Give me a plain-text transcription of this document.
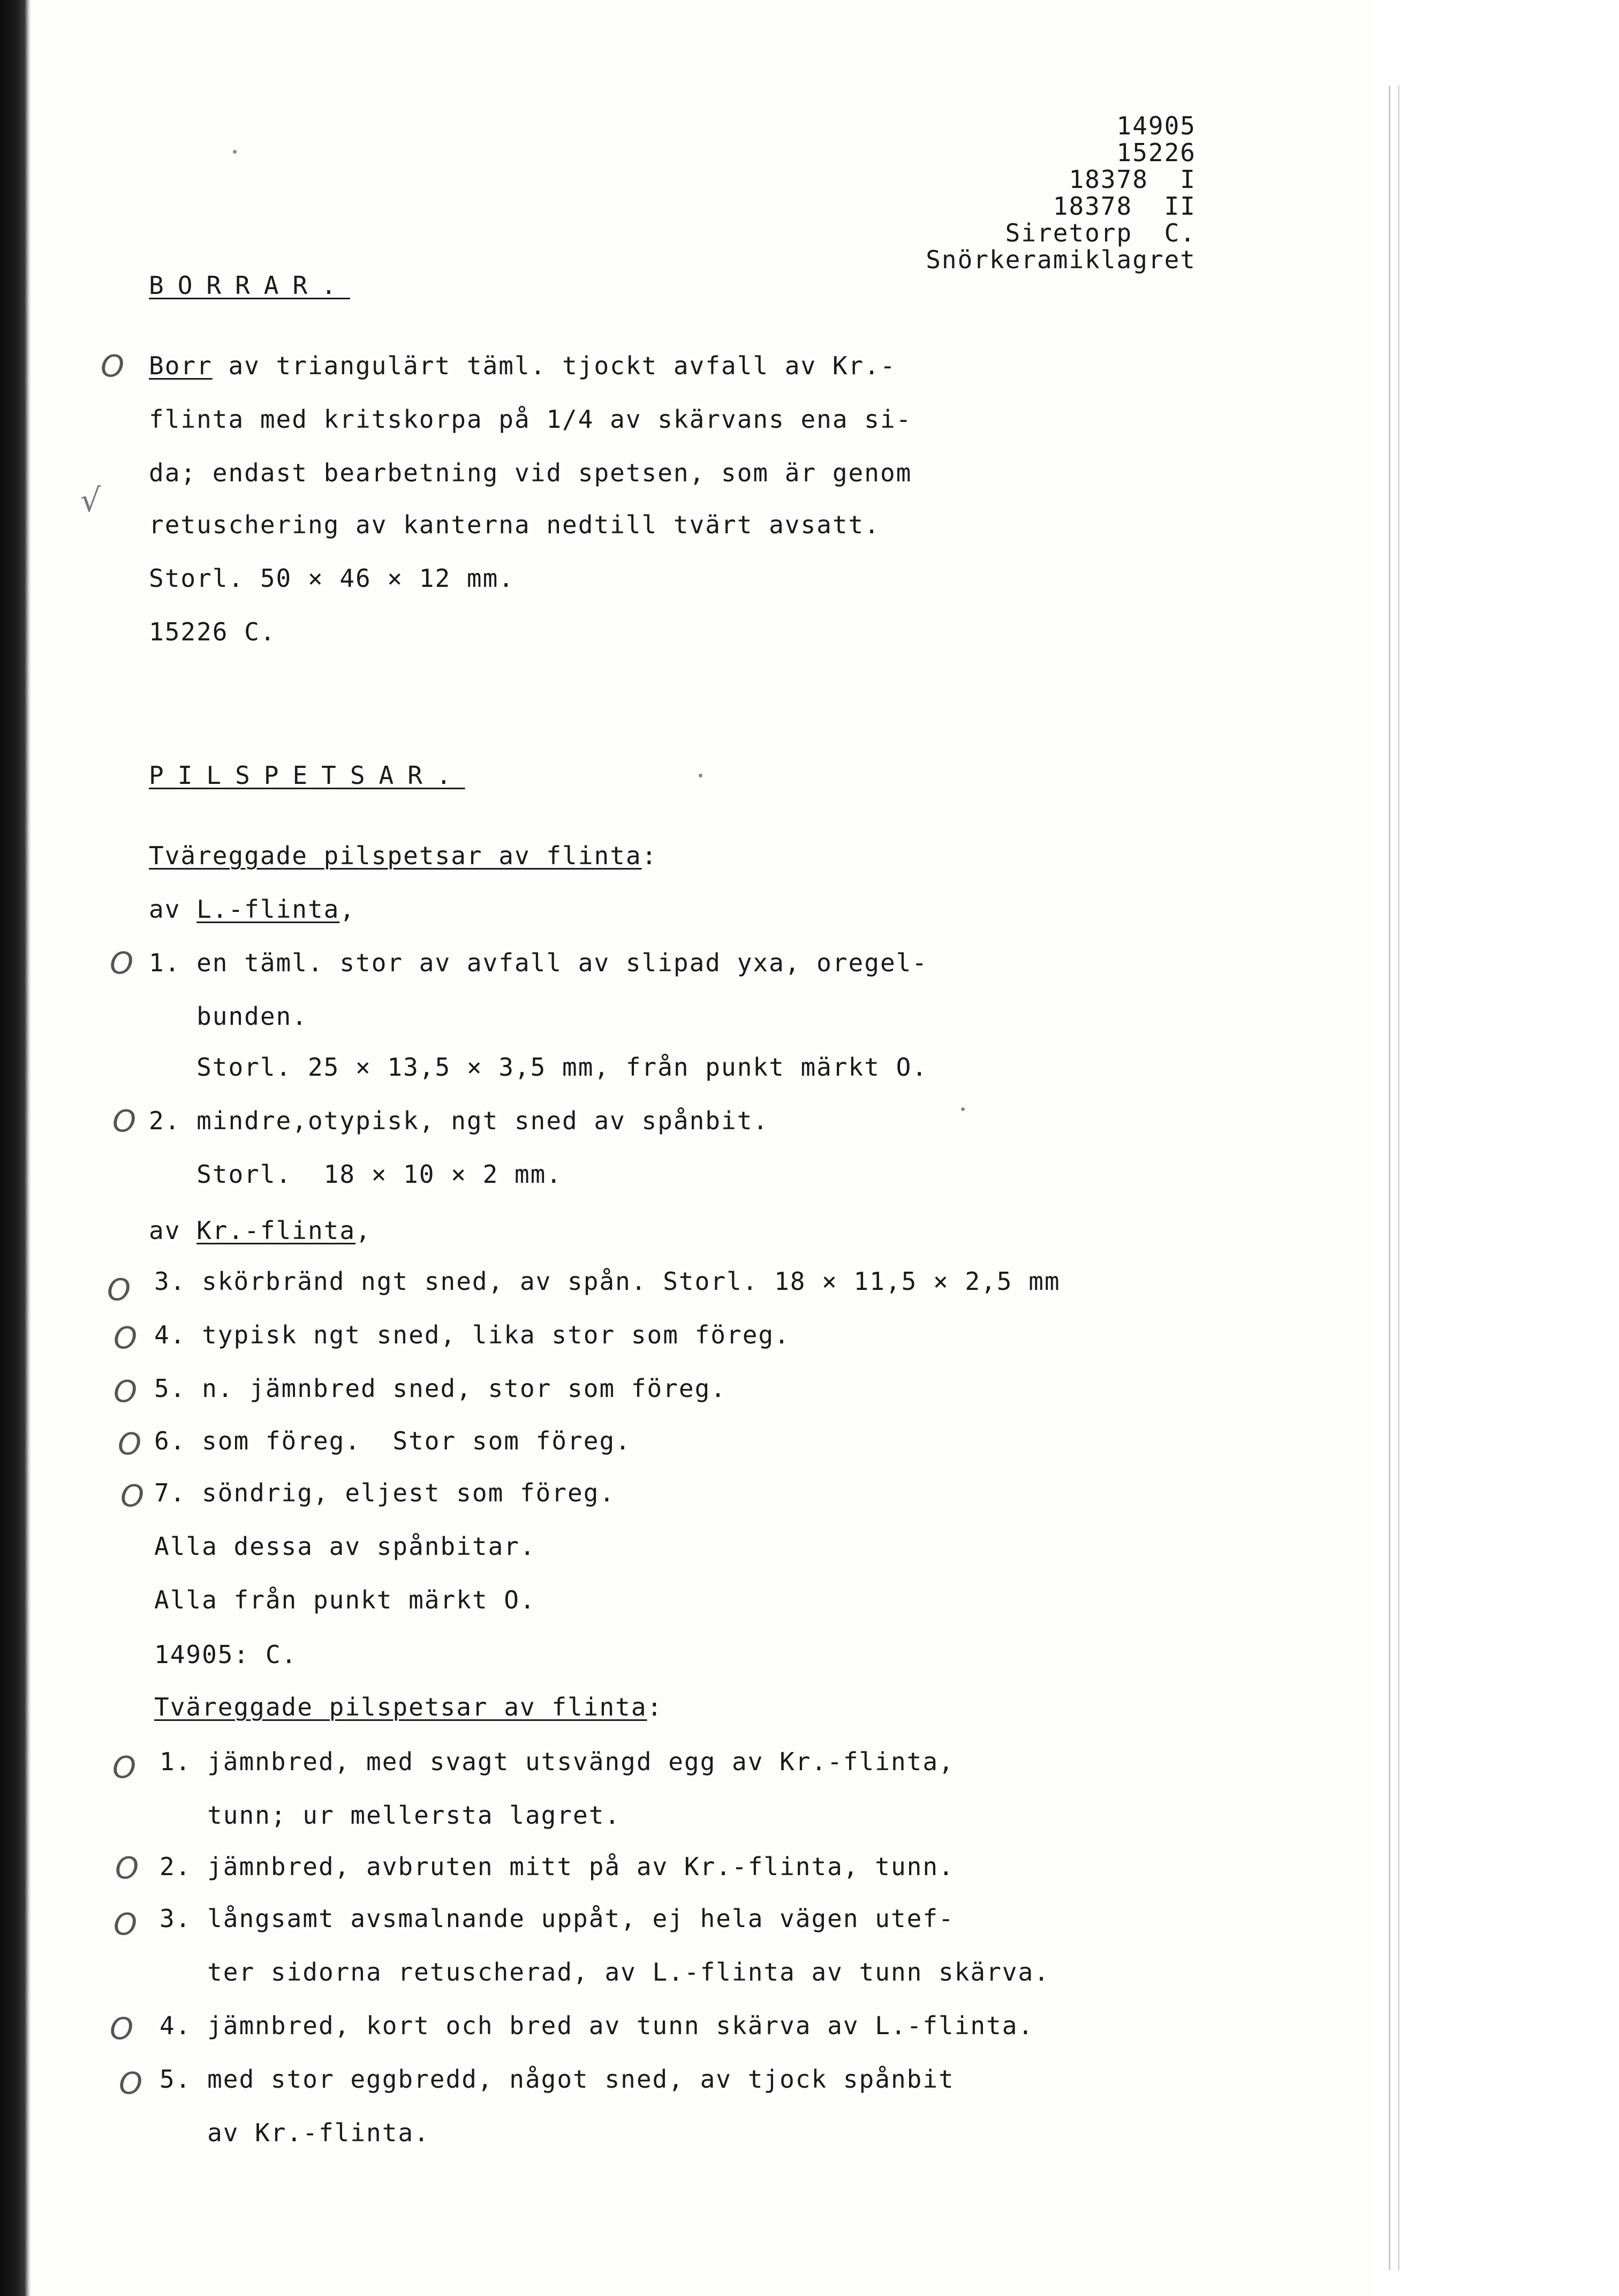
14905
15226
18378  I
18378  II
Siretorp  C.
Snörkeramiklagret
BORRAR.
O Borr av triangulärt täml. tjockt avfall av Kr.-
flinta med kritskorpa på 1/4 av skärvans ena si-
da; endast bearbetning vid spetsen, som är genom
√
retuschering av kanterna nedtill tvärt avsatt.
Storl. 50 × 46 × 12 mm.
15226 C.
PILSPETSAR.
Tväreggade pilspetsar av flinta:
av L.-flinta,
O 1. en täml. stor av avfall av slipad yxa, oregel-
bunden.
Storl. 25 × 13,5 × 3,5 mm, från punkt märkt O.
O 2. mindre,otypisk, ngt sned av spånbit.
Storl.  18 × 10 × 2 mm.
av Kr.-flinta,
O 3. skörbränd ngt sned, av spån. Storl. 18 × 11,5 × 2,5 mm
O 4. typisk ngt sned, lika stor som föreg.
O 5. n. jämnbred sned, stor som föreg.
O 6. som föreg.  Stor som föreg.
O 7. söndrig, eljest som föreg.
Alla dessa av spånbitar.
Alla från punkt märkt O.
14905: C.
Tväreggade pilspetsar av flinta:
O 1. jämnbred, med svagt utsvängd egg av Kr.-flinta,
tunn; ur mellersta lagret.
O 2. jämnbred, avbruten mitt på av Kr.-flinta, tunn.
O 3. långsamt avsmalnande uppåt, ej hela vägen utef-
ter sidorna retuscherad, av L.-flinta av tunn skärva.
O 4. jämnbred, kort och bred av tunn skärva av L.-flinta.
O 5. med stor eggbredd, något sned, av tjock spånbit
av Kr.-flinta.
